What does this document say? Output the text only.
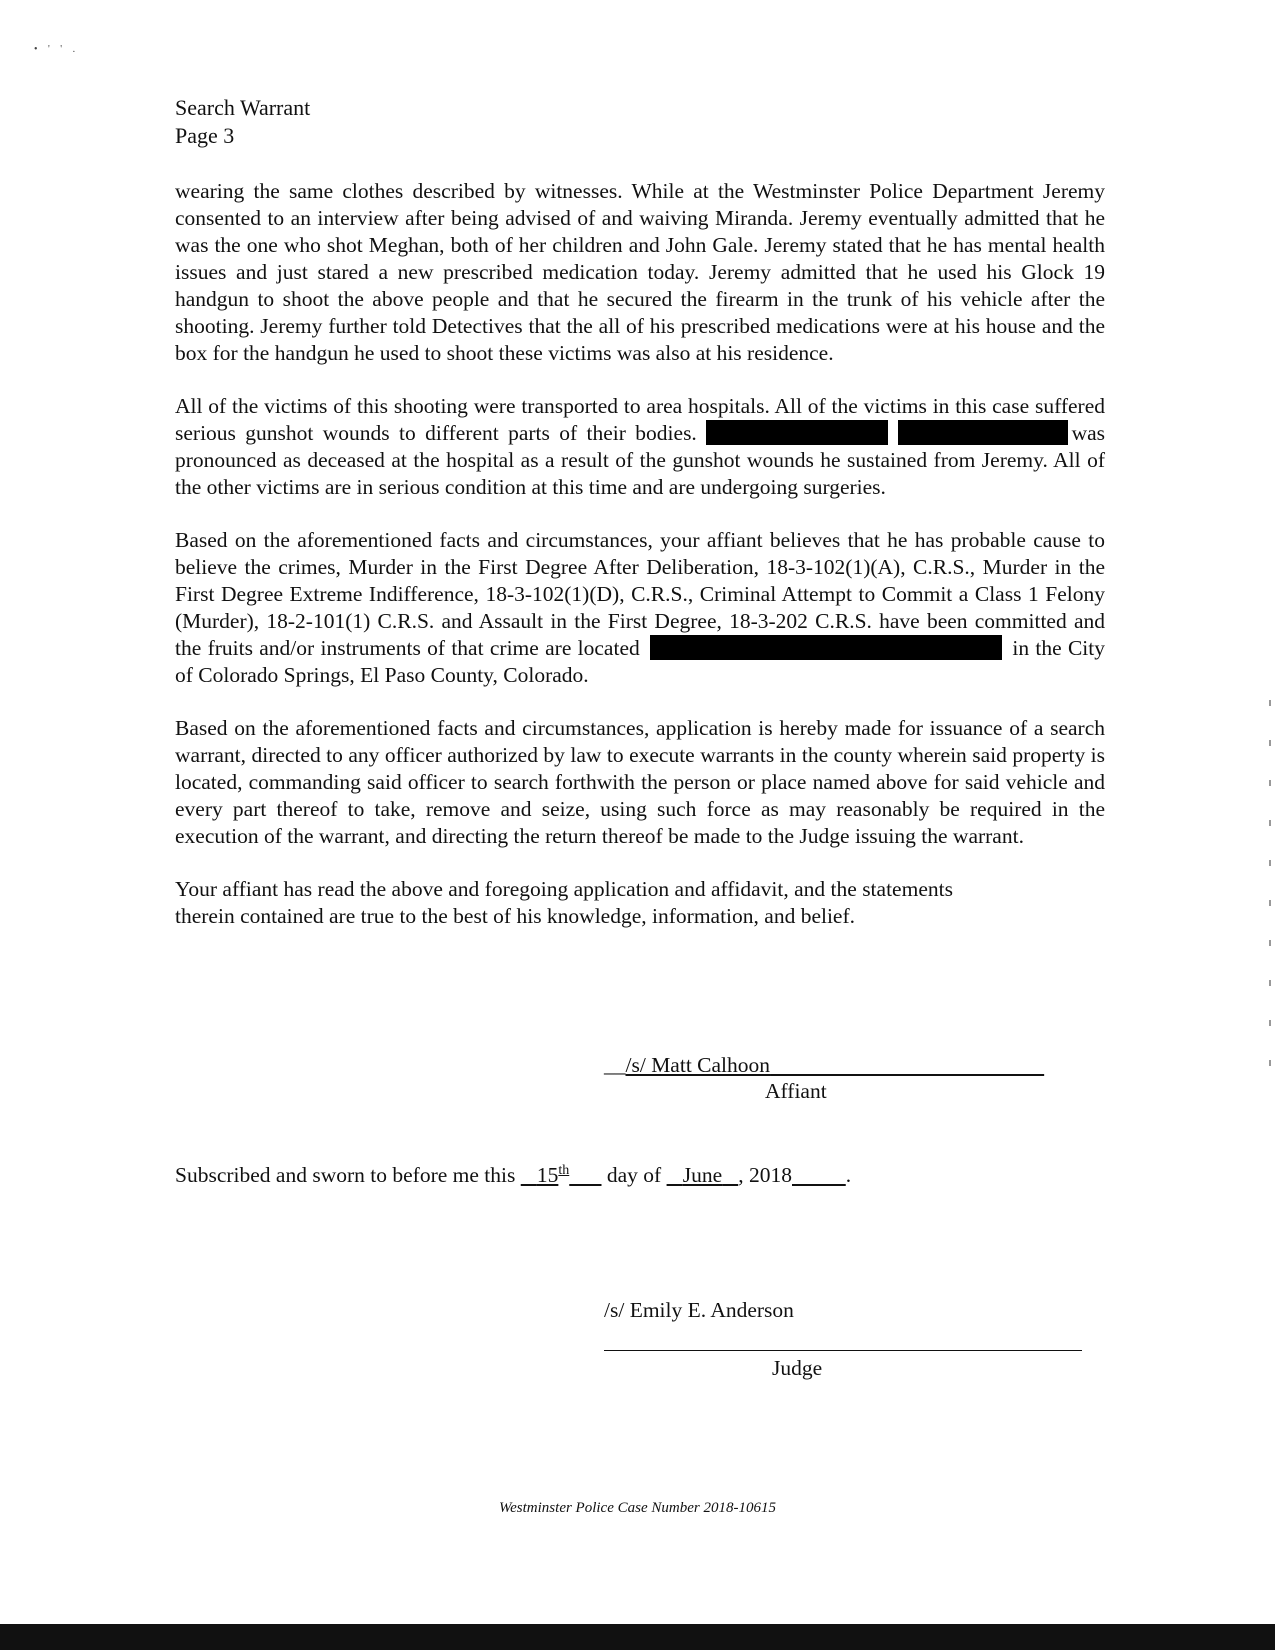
• ' ' .
Search Warrant
Page 3

wearing the same clothes described by witnesses. While at the Westminster Police Department Jeremy consented to an interview after being advised of and waiving Miranda. Jeremy eventually admitted that he was the one who shot Meghan, both of her children and John Gale. Jeremy stated that he has mental health issues and just stared a new prescribed medication today. Jeremy admitted that he used his Glock 19 handgun to shoot the above people and that he secured the firearm in the trunk of his vehicle after the shooting. Jeremy further told Detectives that the all of his prescribed medications were at his house and the box for the handgun he used to shoot these victims was also at his residence.

All of the victims of this shooting were transported to area hospitals. All of the victims in this case suffered serious gunshot wounds to different parts of their bodies.	was pronounced as deceased at the hospital as a result of the gunshot wounds he sustained from Jeremy. All of the other victims are in serious condition at this time and are undergoing surgeries.

Based on the aforementioned facts and circumstances, your affiant believes that he has probable cause to believe the crimes, Murder in the First Degree After Deliberation, 18-3-102(1)(A), C.R.S., Murder in the First Degree Extreme Indifference, 18-3-102(1)(D), C.R.S., Criminal Attempt to Commit a Class 1 Felony (Murder), 18-2-101(1) C.R.S. and Assault in the First Degree, 18-3-202 C.R.S. have been committed and the fruits and/or instruments of that crime are located	in the City of Colorado Springs, El Paso County, Colorado.

Based on the aforementioned facts and circumstances, application is hereby made for issuance of a search warrant, directed to any officer authorized by law to execute warrants in the county wherein said property is located, commanding said officer to search forthwith the person or place named above for said vehicle and every part thereof to take, remove and seize, using such force as may reasonably be required in the execution of the warrant, and directing the return thereof be made to the Judge issuing the warrant.

Your affiant has read the above and foregoing application and affidavit, and the statements therein contained are true to the best of his knowledge, information, and belief.

__/s/ Matt Calhoon
Affiant
Subscribed and sworn to before me this 15th day of June , 2018	.
/s/ Emily E. Anderson
Judge
Westminster Police Case Number 2018-10615
